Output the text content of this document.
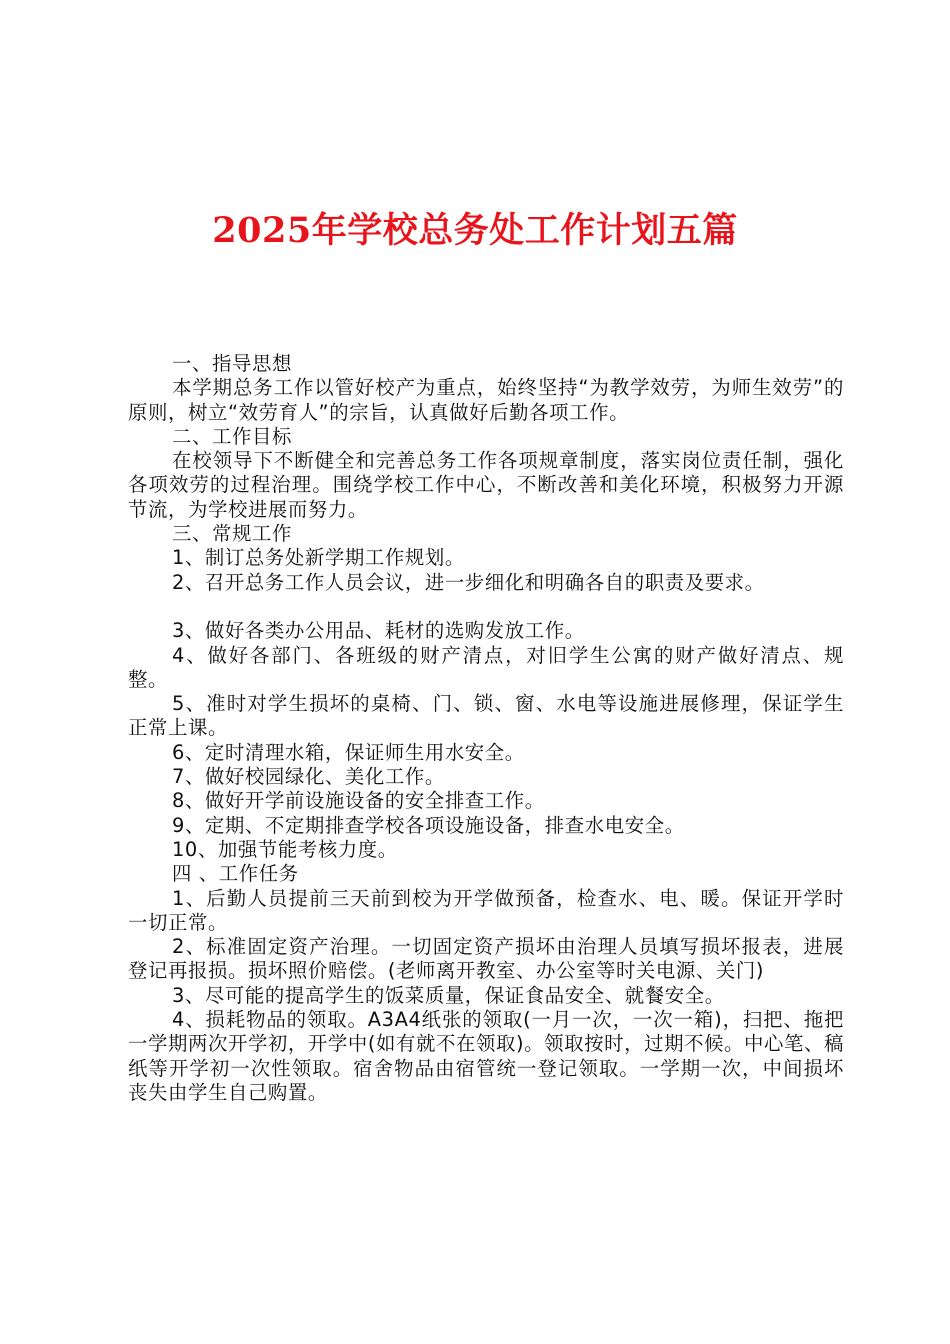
2025年学校总务处工作计划五篇

一、指导思想

本学期总务工作以管好校产为重点，始终坚持“为教学效劳，为师生效劳”的原则，树立“效劳育人”的宗旨，认真做好后勤各项工作。

二、工作目标

在校领导下不断健全和完善总务工作各项规章制度，落实岗位责任制，强化各项效劳的过程治理。围绕学校工作中心，不断改善和美化环境，积极努力开源节流，为学校进展而努力。

三、常规工作

1、制订总务处新学期工作规划。

2、召开总务工作人员会议，进一步细化和明确各自的职责及要求。

3、做好各类办公用品、耗材的选购发放工作。

4、做好各部门、各班级的财产清点，对旧学生公寓的财产做好清点、规整。

5、准时对学生损坏的桌椅、门、锁、窗、水电等设施进展修理，保证学生正常上课。

6、定时清理水箱，保证师生用水安全。

7、做好校园绿化、美化工作。

8、做好开学前设施设备的安全排查工作。

9、定期、不定期排查学校各项设施设备，排查水电安全。

10、加强节能考核力度。

四 、工作任务

1、后勤人员提前三天前到校为开学做预备，检查水、电、暖。保证开学时一切正常。

2、标准固定资产治理。一切固定资产损坏由治理人员填写损坏报表，进展登记再报损。损坏照价赔偿。(老师离开教室、办公室等时关电源、关门)

3、尽可能的提高学生的饭菜质量，保证食品安全、就餐安全。

4、损耗物品的领取。A3A4纸张的领取(一月一次，一次一箱)，扫把、拖把一学期两次开学初，开学中(如有就不在领取)。领取按时，过期不候。中心笔、稿纸等开学初一次性领取。宿舍物品由宿管统一登记领取。一学期一次，中间损坏丧失由学生自己购置。
